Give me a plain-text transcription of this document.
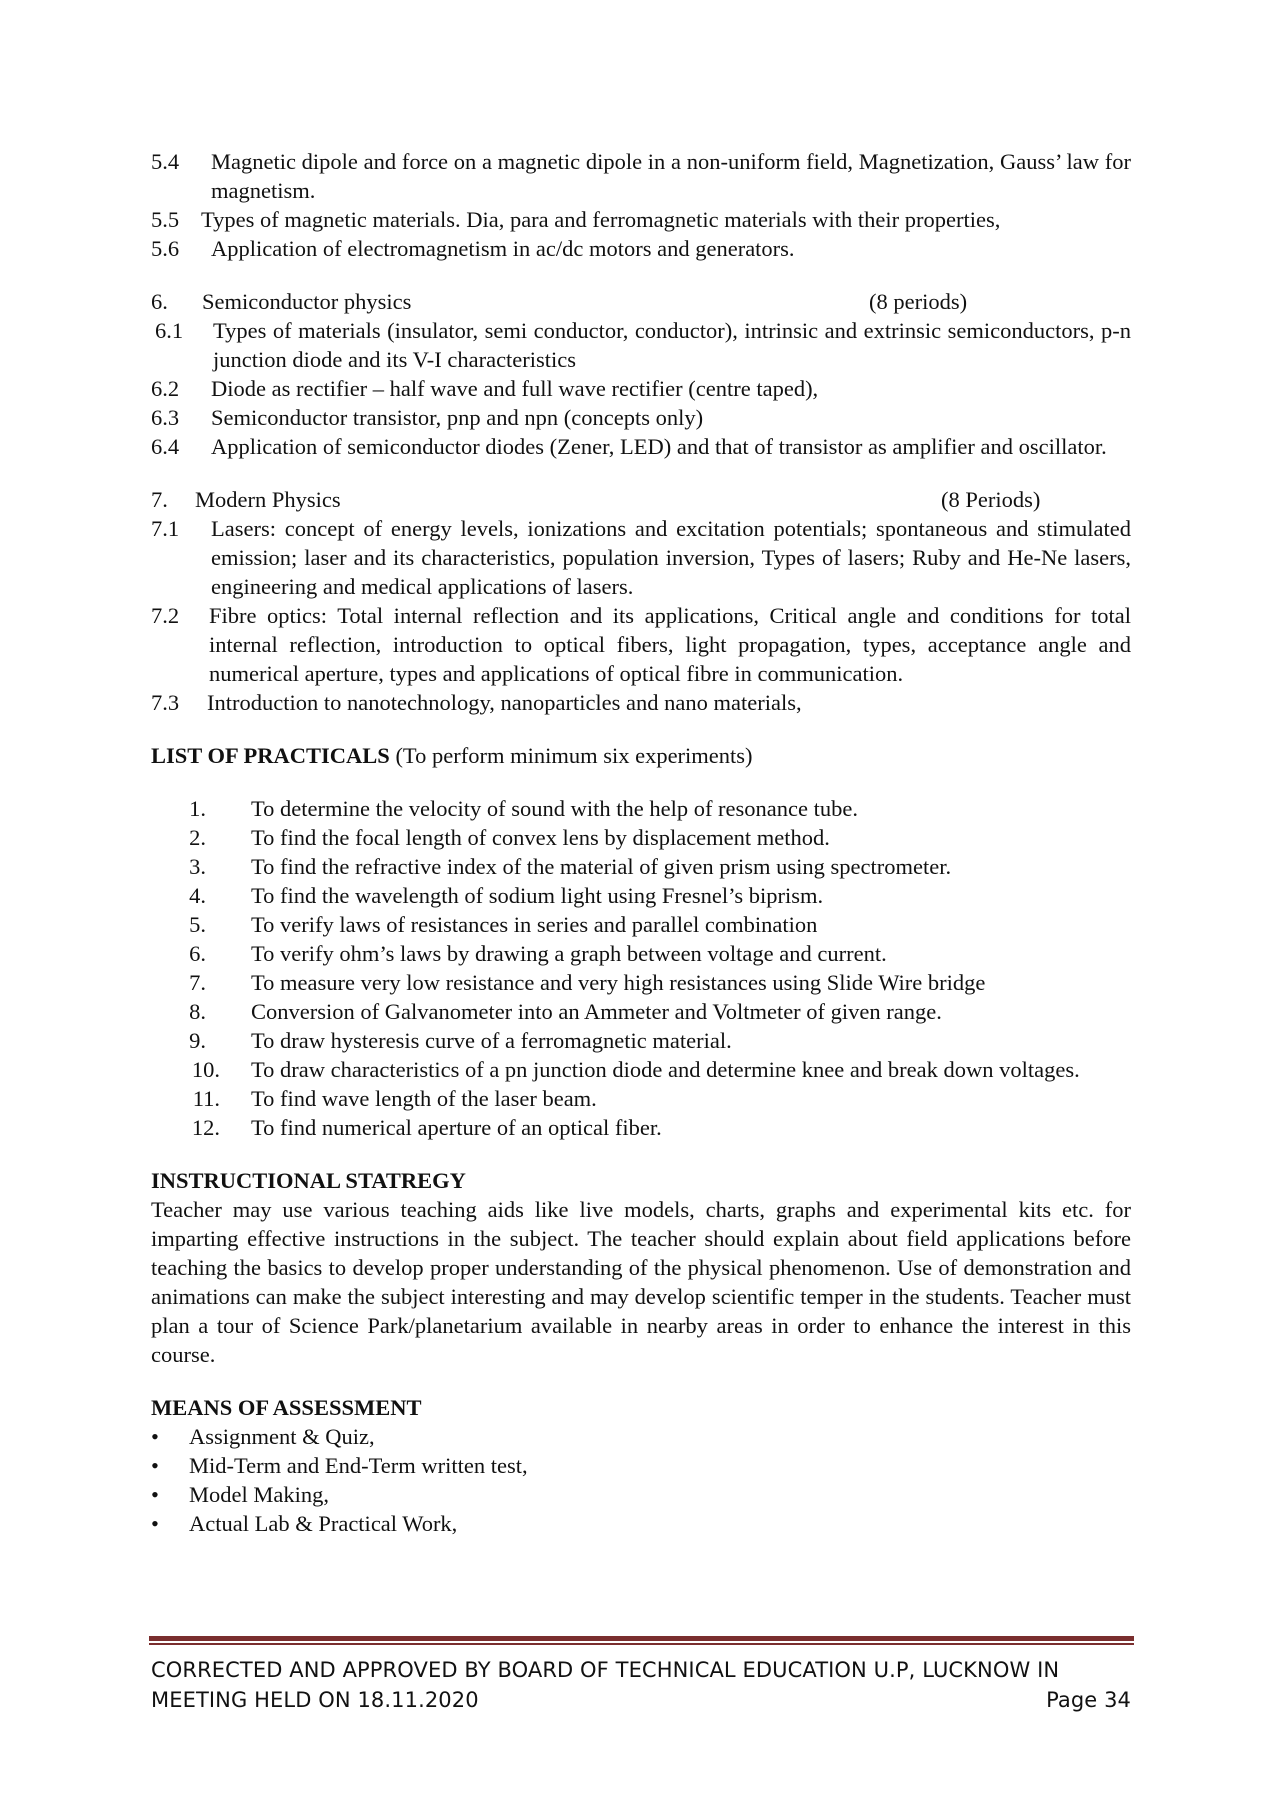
5.4	Magnetic dipole and force on a magnetic dipole in a non-uniform field, Magnetization, Gauss’ law for magnetism.
5.5 Types of magnetic materials. Dia, para and ferromagnetic materials with their properties,
5.6	Application of electromagnetism in ac/dc motors and generators.
6.	Semiconductor physics	(8 periods)
6.1	Types of materials (insulator, semi conductor, conductor), intrinsic and extrinsic semiconductors, p-n junction diode and its V-I characteristics
6.2	Diode as rectifier – half wave and full wave rectifier (centre taped),
6.3	Semiconductor transistor, pnp and npn (concepts only)
6.4	Application of semiconductor diodes (Zener, LED) and that of transistor as amplifier and oscillator.
7.	Modern Physics	(8 Periods)
7.1	Lasers: concept of energy levels, ionizations and excitation potentials; spontaneous and stimulated emission; laser and its characteristics, population inversion, Types of lasers; Ruby and He-Ne lasers, engineering and medical applications of lasers.
7.2	Fibre optics: Total internal reflection and its applications, Critical angle and conditions for total internal reflection, introduction to optical fibers, light propagation, types, acceptance angle and numerical aperture, types and applications of optical fibre in communication.
7.3	Introduction to nanotechnology, nanoparticles and nano materials,
LIST OF PRACTICALS (To perform minimum six experiments)
1.	To determine the velocity of sound with the help of resonance tube.
2.	To find the focal length of convex lens by displacement method.
3.	To find the refractive index of the material of given prism using spectrometer.
4.	To find the wavelength of sodium light using Fresnel’s biprism.
5.	To verify laws of resistances in series and parallel combination
6.	To verify ohm’s laws by drawing a graph between voltage and current.
7.	To measure very low resistance and very high resistances using Slide Wire bridge
8.	Conversion of Galvanometer into an Ammeter and Voltmeter of given range.
9.	To draw hysteresis curve of a ferromagnetic material.
10.	To draw characteristics of a pn junction diode and determine knee and break down voltages.
11.	To find wave length of the laser beam.
12.	To find numerical aperture of an optical fiber.
INSTRUCTIONAL STATREGY
Teacher may use various teaching aids like live models, charts, graphs and experimental kits etc. for imparting effective instructions in the subject. The teacher should explain about field applications before teaching the basics to develop proper understanding of the physical phenomenon. Use of demonstration and animations can make the subject interesting and may develop scientific temper in the students. Teacher must plan a tour of Science Park/planetarium available in nearby areas in order to enhance the interest in this course.
MEANS OF ASSESSMENT
•	Assignment & Quiz,
•	Mid-Term and End-Term written test,
•	Model Making,
•	Actual Lab & Practical Work,
CORRECTED AND APPROVED BY BOARD OF TECHNICAL EDUCATION U.P, LUCKNOW IN
MEETING HELD ON 18.11.2020	Page 34
